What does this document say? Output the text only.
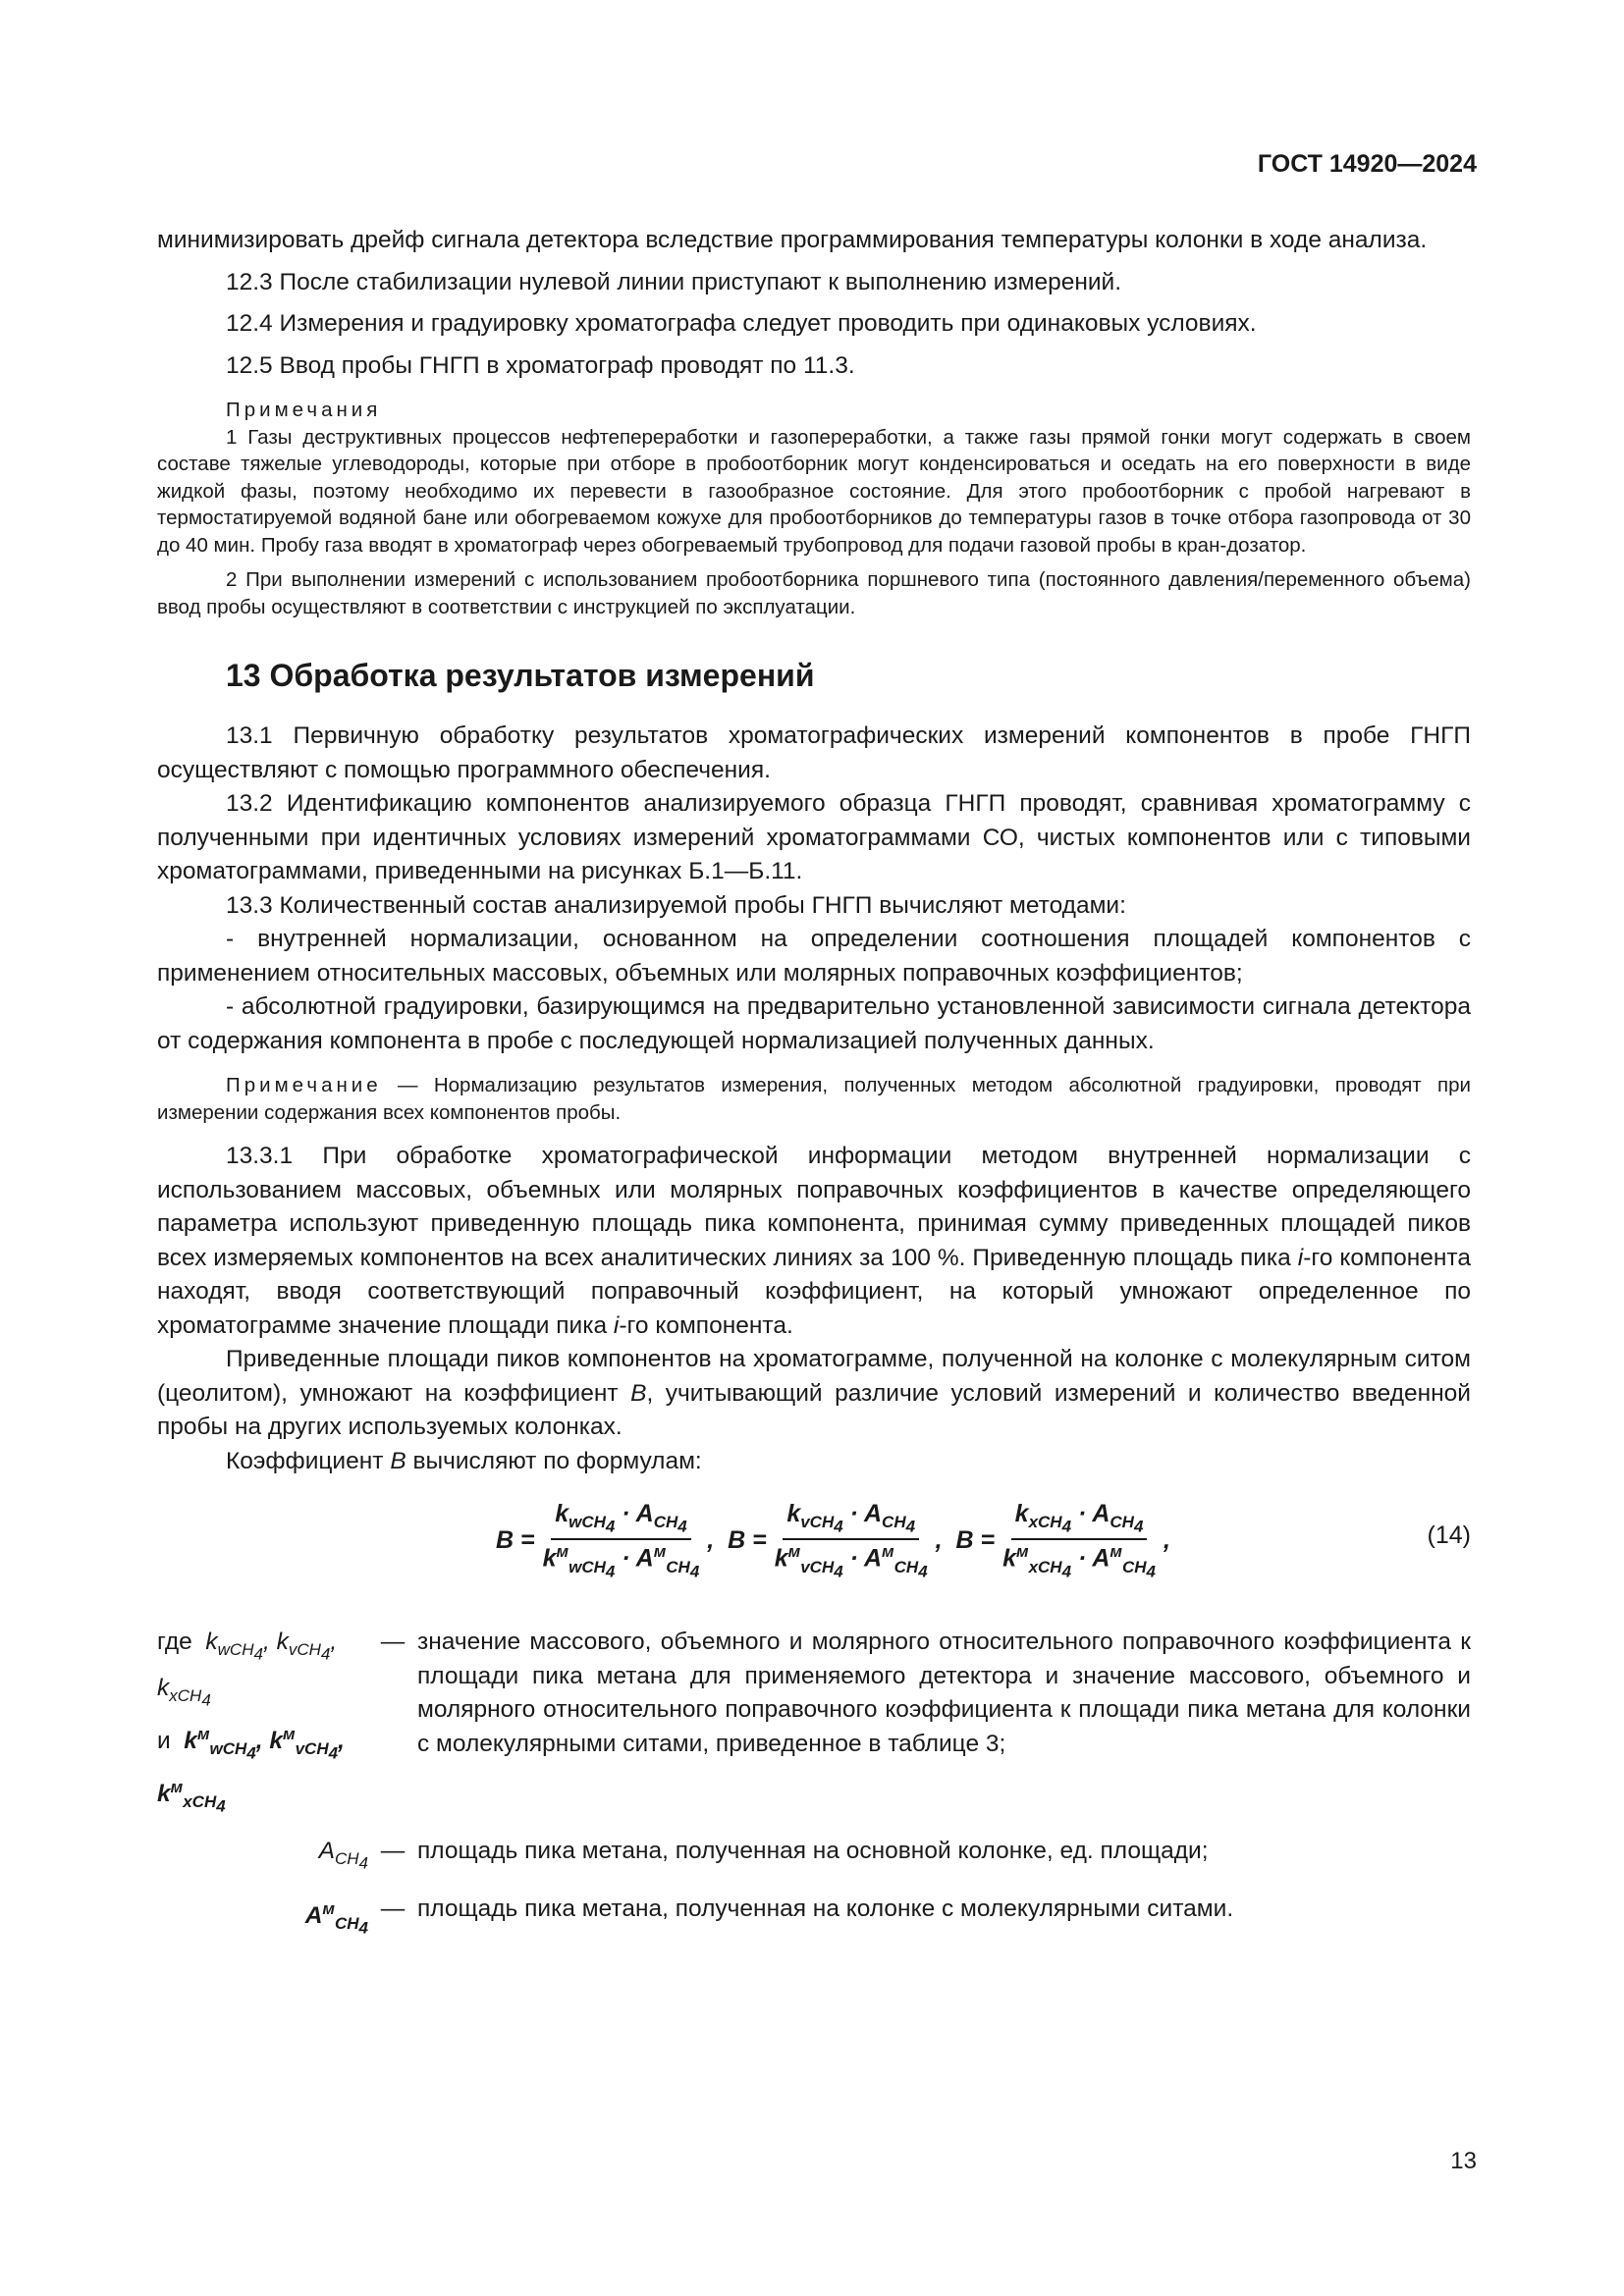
ГОСТ 14920—2024

минимизировать дрейф сигнала детектора вследствие программирования температуры колонки в ходе анализа.

12.3 После стабилизации нулевой линии приступают к выполнению измерений.

12.4 Измерения и градуировку хроматографа следует проводить при одинаковых условиях.

12.5 Ввод пробы ГНГП в хроматограф проводят по 11.3.

Примечания

1 Газы деструктивных процессов нефтепереработки и газопереработки, а также газы прямой гонки могут содержать в своем составе тяжелые углеводороды, которые при отборе в пробоотборник могут конденсироваться и оседать на его поверхности в виде жидкой фазы, поэтому необходимо их перевести в газообразное состояние. Для этого пробоотборник с пробой нагревают в термостатируемой водяной бане или обогреваемом кожухе для пробоотборников до температуры газов в точке отбора газопровода от 30 до 40 мин. Пробу газа вводят в хроматограф через обогреваемый трубопровод для подачи газовой пробы в кран-дозатор.

2 При выполнении измерений с использованием пробоотборника поршневого типа (постоянного давления/переменного объема) ввод пробы осуществляют в соответствии с инструкцией по эксплуатации.

13 Обработка результатов измерений

13.1 Первичную обработку результатов хроматографических измерений компонентов в пробе ГНГП осуществляют с помощью программного обеспечения.

13.2 Идентификацию компонентов анализируемого образца ГНГП проводят, сравнивая хроматограмму с полученными при идентичных условиях измерений хроматограммами СО, чистых компонентов или с типовыми хроматограммами, приведенными на рисунках Б.1—Б.11.

13.3 Количественный состав анализируемой пробы ГНГП вычисляют методами:

- внутренней нормализации, основанном на определении соотношения площадей компонентов с применением относительных массовых, объемных или молярных поправочных коэффициентов;

- абсолютной градуировки, базирующимся на предварительно установленной зависимости сигнала детектора от содержания компонента в пробе с последующей нормализацией полученных данных.

Примечание — Нормализацию результатов измерения, полученных методом абсолютной градуировки, проводят при измерении содержания всех компонентов пробы.

13.3.1 При обработке хроматографической информации методом внутренней нормализации с использованием массовых, объемных или молярных поправочных коэффициентов в качестве определяющего параметра используют приведенную площадь пика компонента, принимая сумму приведенных площадей пиков всех измеряемых компонентов на всех аналитических линиях за 100 %. Приведенную площадь пика i-го компонента находят, вводя соответствующий поправочный коэффициент, на который умножают определенное по хроматограмме значение площади пика i-го компонента.

Приведенные площади пиков компонентов на хроматограмме, полученной на колонке с молекулярным ситом (цеолитом), умножают на коэффициент B, учитывающий различие условий измерений и количество введенной пробы на других используемых колонках.

Коэффициент B вычисляют по формулам:

$B = \frac{k_{wCH_4} \cdot A_{CH_4}}{k^м_{wCH_4} \cdot A^м_{CH_4}}$ ,  $B = \frac{k_{vCH_4} \cdot A_{CH_4}}{k^м_{vCH_4} \cdot A^м_{CH_4}}$ ,  $B = \frac{k_{xCH_4} \cdot A_{CH_4}}{k^м_{xCH_4} \cdot A^м_{CH_4}}$ ,	(14)
где  $k_{wCH_4}$, $k_{vCH_4}$, $k_{xCH_4}$
и  $k^м_{wCH_4}$, $k^м_{vCH_4}$, $k^м_{xCH_4}$
— значение массового, объемного и молярного относительного поправочного коэффициента к площади пика метана для применяемого детектора и значение массового, объемного и молярного относительного поправочного коэффициента к площади пика метана для колонки с молекулярными ситами, приведенное в таблице 3;
$A_{CH_4}$ — площадь пика метана, полученная на основной колонке, ед. площади;
$A^м_{CH_4}$
— площадь пика метана, полученная на колонке с молекулярными ситами.
13
